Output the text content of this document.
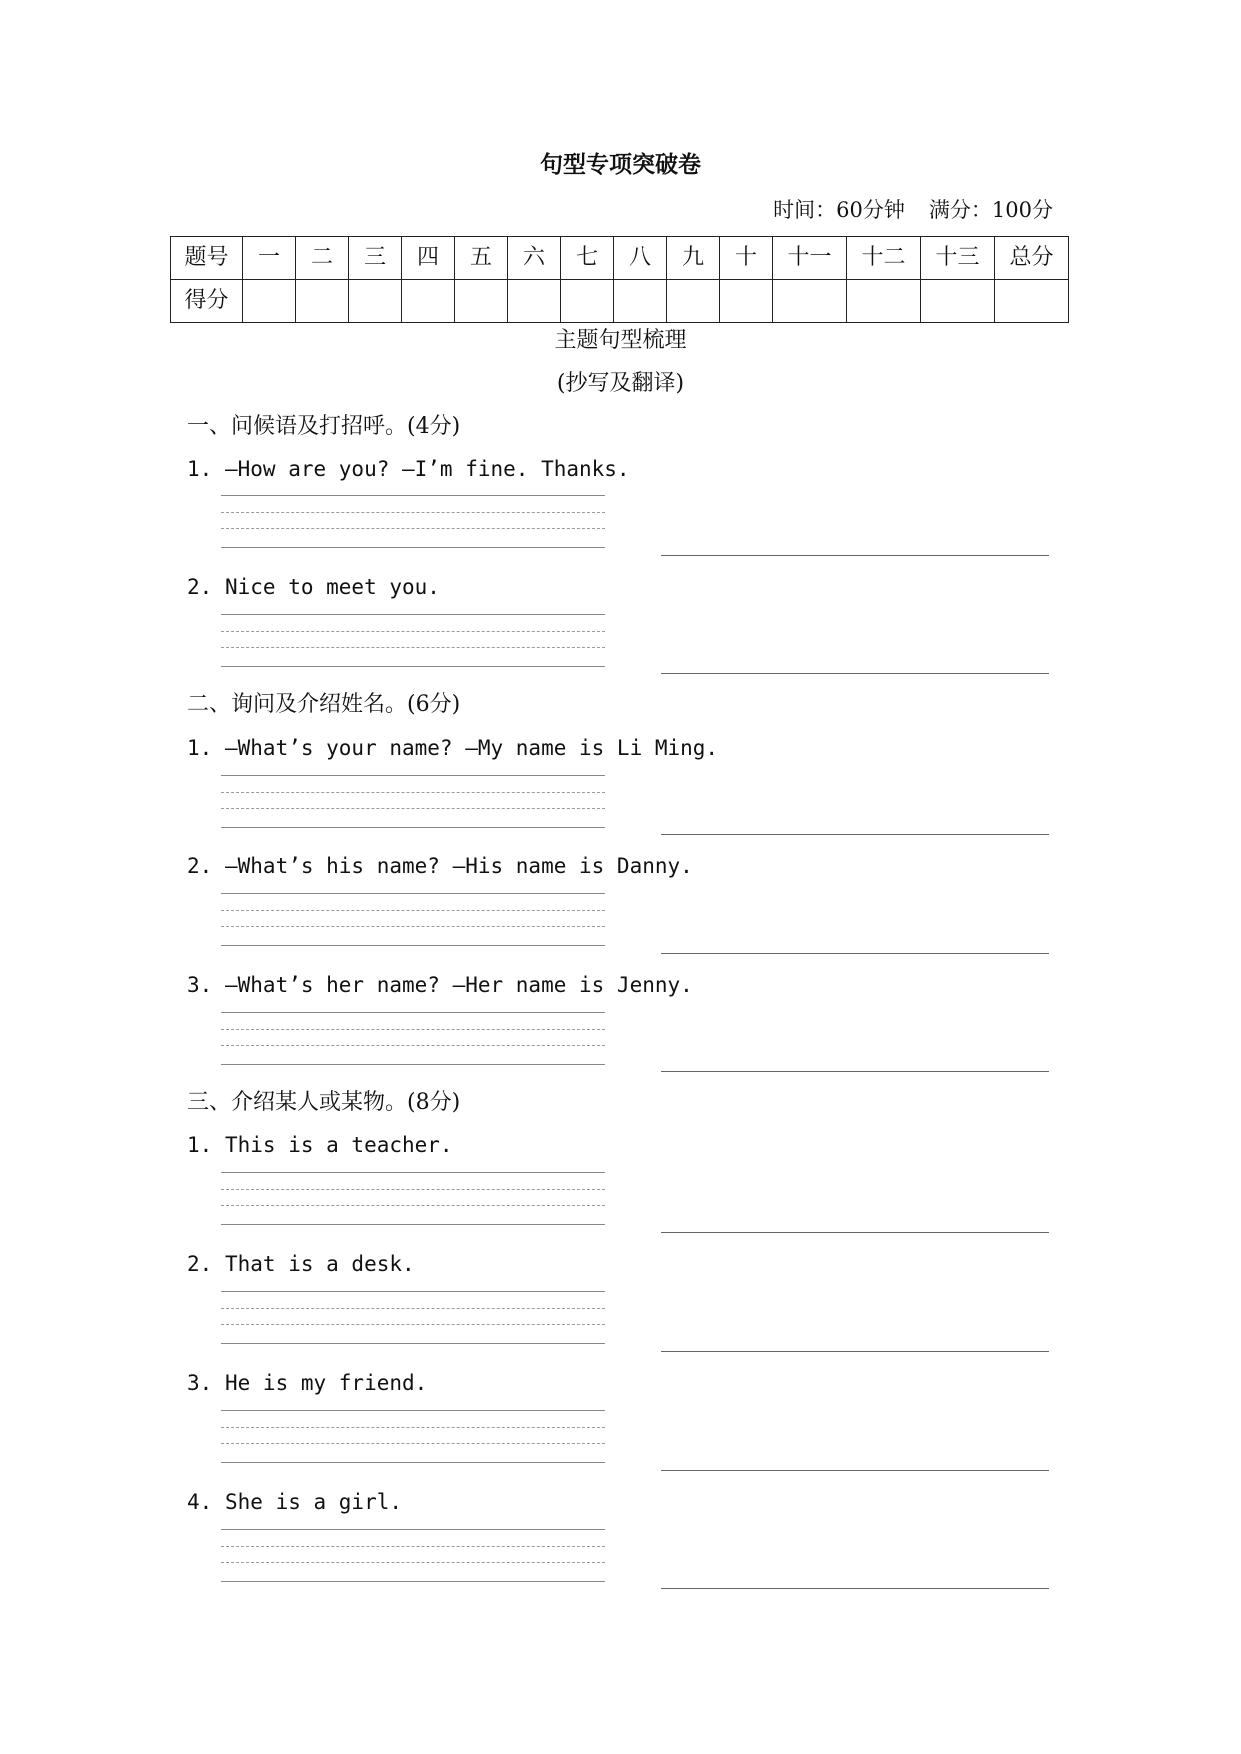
句型专项突破卷
时间：60分钟 满分：100分
题号	一	二	三	四	五	六	七	八	九	十	十一	十二	十三	总分
得分														
主题句型梳理
(抄写及翻译)
一、问候语及打招呼。(4分)
1. —How are you? —I’m fine. Thanks.
2. Nice to meet you.
二、询问及介绍姓名。(6分)
1. —What’s your name? —My name is Li Ming.
2. —What’s his name? —His name is Danny.
3. —What’s her name? —Her name is Jenny.
三、介绍某人或某物。(8分)
1. This is a teacher.
2. That is a desk.
3. He is my friend.
4. She is a girl.
